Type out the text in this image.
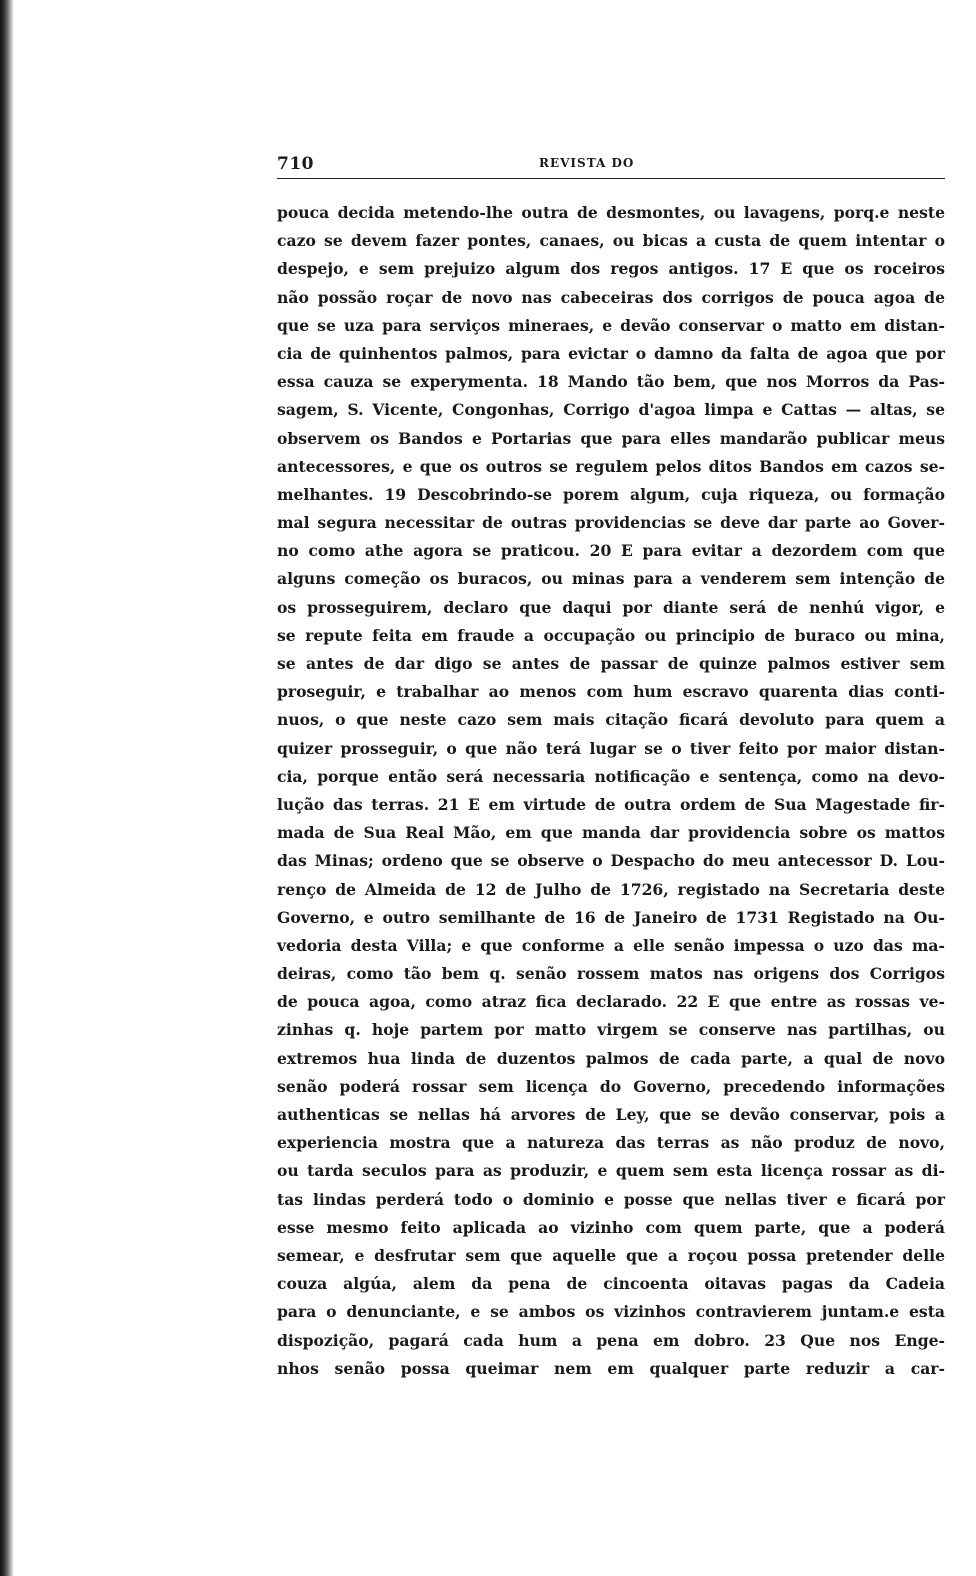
710	REVISTA DO
pouca decida metendo-lhe outra de desmontes, ou lavagens, porq.e neste
cazo se devem fazer pontes, canaes, ou bicas a custa de quem intentar o
despejo, e sem prejuizo algum dos regos antigos. 17 E que os roceiros
não possão roçar de novo nas cabeceiras dos corrigos de pouca agoa de
que se uza para serviços mineraes, e devão conservar o matto em distan-
cia de quinhentos palmos, para evictar o damno da falta de agoa que por
essa cauza se experymenta. 18 Mando tão bem, que nos Morros da Pas-
sagem, S. Vicente, Congonhas, Corrigo d'agoa limpa e Cattas — altas, se
observem os Bandos e Portarias que para elles mandarão publicar meus
antecessores, e que os outros se regulem pelos ditos Bandos em cazos se-
melhantes. 19 Descobrindo-se porem algum, cuja riqueza, ou formação
mal segura necessitar de outras providencias se deve dar parte ao Gover-
no como athe agora se praticou. 20 E para evitar a dezordem com que
alguns começão os buracos, ou minas para a venderem sem intenção de
os prosseguirem, declaro que daqui por diante será de nenhú vigor, e
se repute feita em fraude a occupação ou principio de buraco ou mina,
se antes de dar digo se antes de passar de quinze palmos estiver sem
proseguir, e trabalhar ao menos com hum escravo quarenta dias conti-
nuos, o que neste cazo sem mais citação ficará devoluto para quem a
quizer prosseguir, o que não terá lugar se o tiver feito por maior distan-
cia, porque então será necessaria notificação e sentença, como na devo-
lução das terras. 21 E em virtude de outra ordem de Sua Magestade fir-
mada de Sua Real Mão, em que manda dar providencia sobre os mattos
das Minas; ordeno que se observe o Despacho do meu antecessor D. Lou-
renço de Almeida de 12 de Julho de 1726, registado na Secretaria deste
Governo, e outro semilhante de 16 de Janeiro de 1731 Registado na Ou-
vedoria desta Villa; e que conforme a elle senão impessa o uzo das ma-
deiras, como tão bem q. senão rossem matos nas origens dos Corrigos
de pouca agoa, como atraz fica declarado. 22 E que entre as rossas ve-
zinhas q. hoje partem por matto virgem se conserve nas partilhas, ou
extremos hua linda de duzentos palmos de cada parte, a qual de novo
senão poderá rossar sem licença do Governo, precedendo informações
authenticas se nellas há arvores de Ley, que se devão conservar, pois a
experiencia mostra que a natureza das terras as não produz de novo,
ou tarda seculos para as produzir, e quem sem esta licença rossar as di-
tas lindas perderá todo o dominio e posse que nellas tiver e ficará por
esse mesmo feito aplicada ao vizinho com quem parte, que a poderá
semear, e desfrutar sem que aquelle que a roçou possa pretender delle
couza algúa, alem da pena de cincoenta oitavas pagas da Cadeia
para o denunciante, e se ambos os vizinhos contravierem juntam.e esta
dispozição, pagará cada hum a pena em dobro. 23 Que nos Enge-
nhos senão possa queimar nem em qualquer parte reduzir a car-
